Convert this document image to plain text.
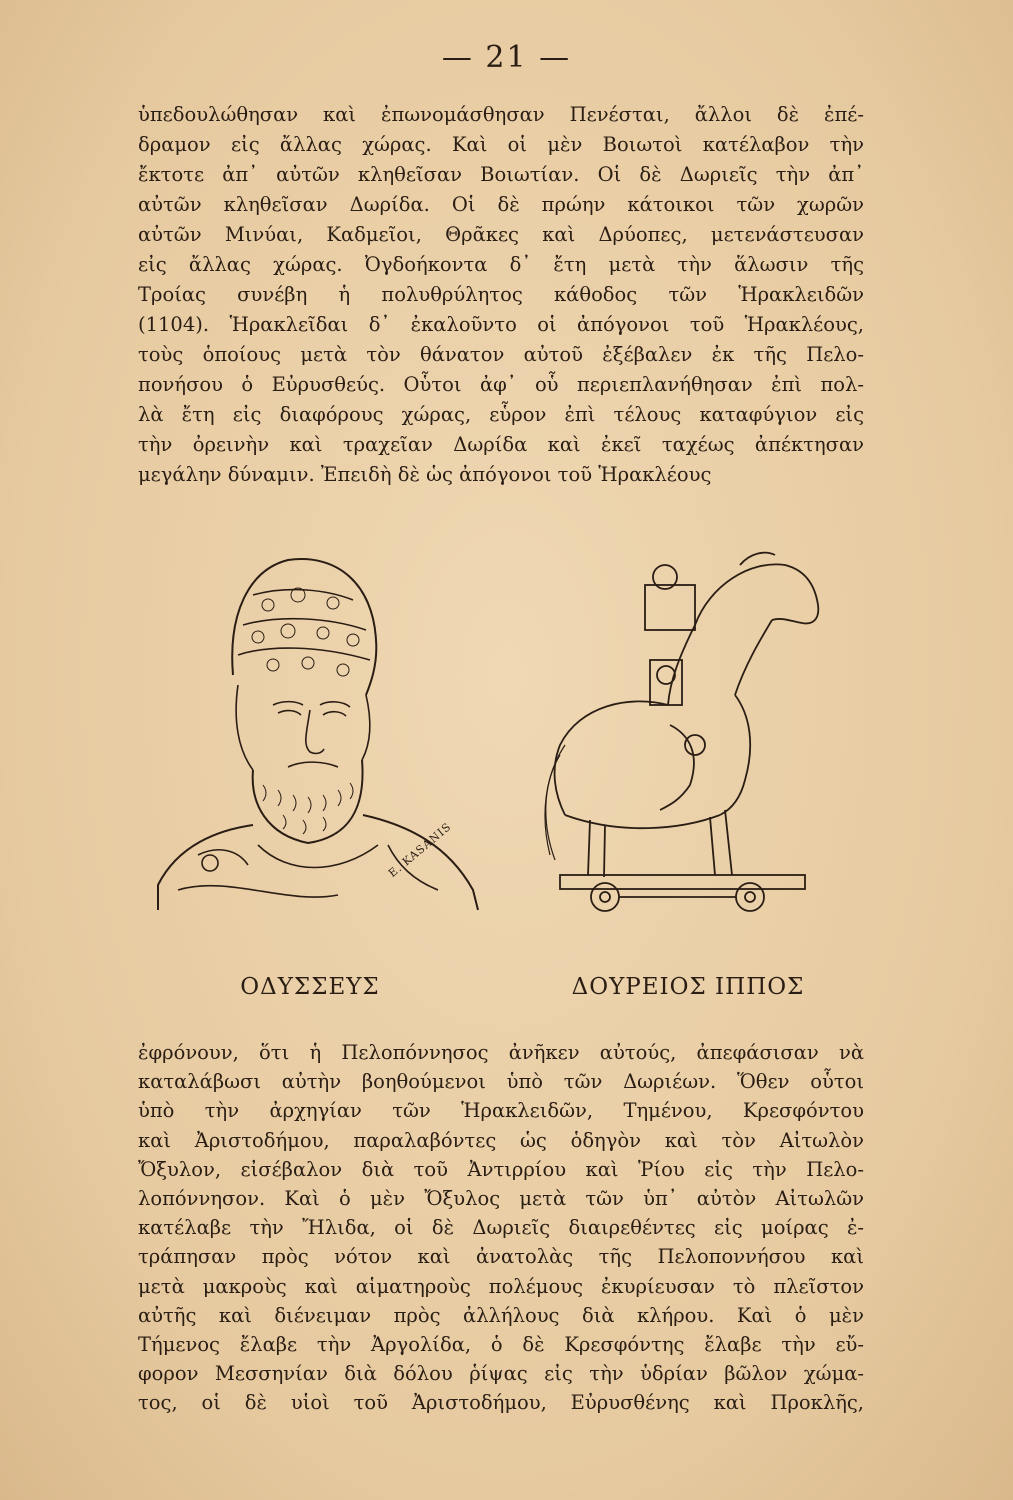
— 21 —
ὑπεδουλώθησαν καὶ ἐπωνομάσθησαν Πενέσται, ἄλλοι δὲ ἐπέ-
δραμον εἰς ἄλλας χώρας. Καὶ οἱ μὲν Βοιωτοὶ κατέλαβον τὴν
ἔκτοτε ἀπ᾽ αὐτῶν κληθεῖσαν Βοιωτίαν. Οἱ δὲ Δωριεῖς τὴν ἀπ᾽
αὐτῶν κληθεῖσαν Δωρίδα. Οἱ δὲ πρώην κάτοικοι τῶν χωρῶν
αὐτῶν Μινύαι, Καδμεῖοι, Θρᾶκες καὶ Δρύοπες, μετενάστευσαν
εἰς ἄλλας χώρας. Ὀγδοήκοντα δ᾽ ἔτη μετὰ τὴν ἅλωσιν τῆς
Τροίας συνέβη ἡ πολυθρύλητος κάθοδος τῶν Ἡρακλειδῶν
(1104). Ἡρακλεῖδαι δ᾽ ἐκαλοῦντο οἱ ἀπόγονοι τοῦ Ἡρακλέους,
τοὺς ὁποίους μετὰ τὸν θάνατον αὐτοῦ ἐξέβαλεν ἐκ τῆς Πελο-
πονήσου ὁ Εὐρυσθεύς. Οὗτοι ἀφ᾽ οὗ περιεπλανήθησαν ἐπὶ πολ-
λὰ ἔτη εἰς διαφόρους χώρας, εὗρον ἐπὶ τέλους καταφύγιον εἰς
τὴν ὀρεινὴν καὶ τραχεῖαν Δωρίδα καὶ ἐκεῖ ταχέως ἀπέκτησαν
μεγάλην δύναμιν. Ἐπειδὴ δὲ ὡς ἀπόγονοι τοῦ Ἡρακλέους
E. KASANIS
ΟΔΥΣΣΕΥΣ	ΔΟΥΡΕΙΟΣ ΙΠΠΟΣ
ἐφρόνουν, ὅτι ἡ Πελοπόννησος ἀνῆκεν αὐτούς, ἀπεφάσισαν νὰ
καταλάβωσι αὐτὴν βοηθούμενοι ὑπὸ τῶν Δωριέων. Ὅθεν οὗτοι
ὑπὸ τὴν ἀρχηγίαν τῶν Ἡρακλειδῶν, Τημένου, Κρεσφόντου
καὶ Ἀριστοδήμου, παραλαβόντες ὡς ὁδηγὸν καὶ τὸν Αἰτωλὸν
Ὄξυλον, εἰσέβαλον διὰ τοῦ Ἀντιρρίου καὶ Ῥίου εἰς τὴν Πελο-
λοπόννησον. Καὶ ὁ μὲν Ὄξυλος μετὰ τῶν ὑπ᾽ αὐτὸν Αἰτωλῶν
κατέλαβε τὴν Ἤλιδα, οἱ δὲ Δωριεῖς διαιρεθέντες εἰς μοίρας ἐ-
τράπησαν πρὸς νότον καὶ ἀνατολὰς τῆς Πελοποννήσου καὶ
μετὰ μακροὺς καὶ αἱματηροὺς πολέμους ἐκυρίευσαν τὸ πλεῖστον
αὐτῆς καὶ διένειμαν πρὸς ἀλλήλους διὰ κλήρου. Καὶ ὁ μὲν
Τήμενος ἔλαβε τὴν Ἀργολίδα, ὁ δὲ Κρεσφόντης ἔλαβε τὴν εὔ-
φορον Μεσσηνίαν διὰ δόλου ῥίψας εἰς τὴν ὑδρίαν βῶλον χώμα-
τος, οἱ δὲ υἱοὶ τοῦ Ἀριστοδήμου, Εὐρυσθένης καὶ Προκλῆς,
